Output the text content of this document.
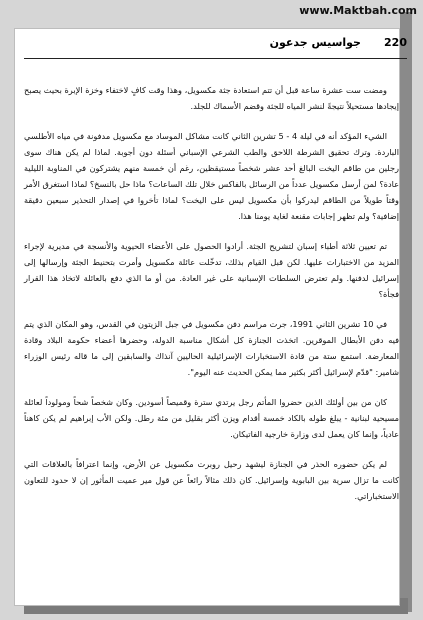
www.Maktbah.com
220
جواسيس جدعون

ومضت ست عشرة ساعة قبل أن تتم استعادة جثة مكسويل، وهذا وقت كافٍ لاختفاء وخزة الإبرة بحيث يصبح إيجادها مستحيلاً نتيجةً لنشر المياه للجثة وقضم الأسماك للجلد.

الشيء المؤكد أنه في ليلة 4 - 5 تشرين الثاني كانت مشاكل الموساد مع مكسويل مدفونة في مياه الأطلسي الباردة. وترك تحقيق الشرطة اللاحق والطب الشرعي الإسباني أسئلة دون أجوبة. لماذا لم يكن هناك سوى رجلين من طاقم اليخت البالغ أحد عشر شخصاً مستيقظين، رغم أن خمسة منهم يشتركون في المناوبة الليلية عادة؟ لمن أرسل مكسويل عدداً من الرسائل بالفاكس خلال تلك الساعات؟ ماذا حل بالنسخ؟ لماذا استغرق الأمر وقتاً طويلاً من الطاقم ليدركوا بأن مكسويل ليس على اليخت؟ لماذا تأخروا في إصدار التحذير سبعين دقيقة إضافية؟ ولم تظهر إجابات مقنعة لغاية يومنا هذا.

تم تعيين ثلاثة أطباء إسبان لتشريح الجثة. أرادوا الحصول على الأعضاء الحيوية والأنسجة في مديرية لإجراء المزيد من الاختبارات عليها. لكن قبل القيام بذلك، تدخّلت عائلة مكسويل وأمرت بتحنيط الجثة وإرسالها إلى إسرائيل لدفنها. ولم تعترض السلطات الإسبانية على غير العادة. من أو ما الذي دفع بالعائلة لاتخاذ هذا القرار فجأة؟

في 10 تشرين الثاني 1991، جرت مراسم دفن مكسويل في جبل الزيتون في القدس، وهو المكان الذي يتم فيه دفن الأبطال الموقرين. اتخذت الجنازة كل أشكال مناسبة الدولة، وحضرها أعضاء حكومة البلاد وقادة المعارضة. استمع ستة من قادة الاستخبارات الإسرائيلية الحاليين آنذاك والسابقين إلى ما قاله رئيس الوزراء شامير: "قدّم لإسرائيل أكثر بكثير مما يمكن الحديث عنه اليوم".

كان من بين أولئك الذين حضروا المأتم رجل يرتدي سترة وقميصاً أسودين. وكان شخصاً شحاً ومولوداً لعائلة مسيحية لبنانية - يبلغ طوله بالكاد خمسة أقدام ويزن أكثر بقليل من مئة رطل. ولكن الأب إبراهيم لم يكن كاهناً عادياً، وإنما كان يعمل لدى وزارة خارجية الفاتيكان.

لم يكن حضوره الحذر في الجنازة ليشهد رحيل روبرت مكسويل عن الأرض، وإنما اعترافاً بالعلاقات التي كانت ما تزال سرية بين البابوية وإسرائيل. كان ذلك مثالاً رائعاً عن قول مير عميت المأثور إن لا حدود للتعاون الاستخباراتي.
